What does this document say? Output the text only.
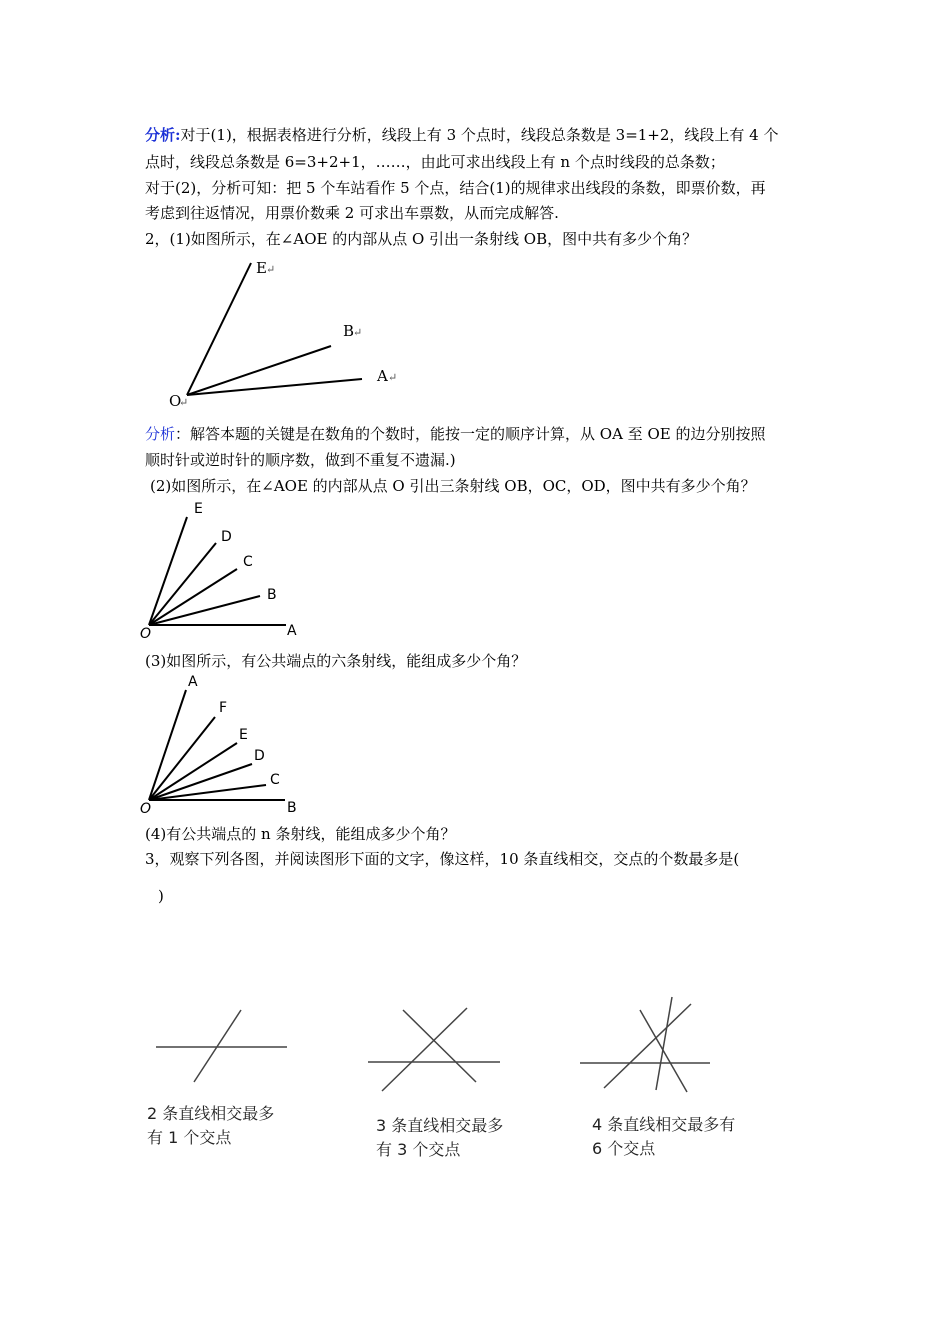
分析:对于(1)，根据表格进行分析，线段上有 3 个点时，线段总条数是 3=1+2，线段上有 4 个
点时，线段总条数是 6=3+2+1，……，由此可求出线段上有 n 个点时线段的总条数；
对于(2)，分析可知：把 5 个车站看作 5 个点，结合(1)的规律求出线段的条数，即票价数，再
考虑到往返情况，用票价数乘 2 可求出车票数，从而完成解答.
2，(1)如图所示，在∠AOE 的内部从点 O 引出一条射线 OB，图中共有多少个角？
E ↵
B
↵
A ↵
O
↵
分析：解答本题的关键是在数角的个数时，能按一定的顺序计算，从 OA 至 OE 的边分别按照
顺时针或逆时针的顺序数，做到不重复不遗漏.)
(2)如图所示，在∠AOE 的内部从点 O 引出三条射线 OB，OC，OD，图中共有多少个角？
E
D
C
B
A
O
(3)如图所示，有公共端点的六条射线，能组成多少个角？
A
F
E
D
C
B
O
(4)有公共端点的 n 条射线，能组成多少个角？
3，观察下列各图，并阅读图形下面的文字，像这样，10 条直线相交，交点的个数最多是(
)
2 条直线相交最多
有 1 个交点
3 条直线相交最多
有 3 个交点
4 条直线相交最多有
6 个交点
